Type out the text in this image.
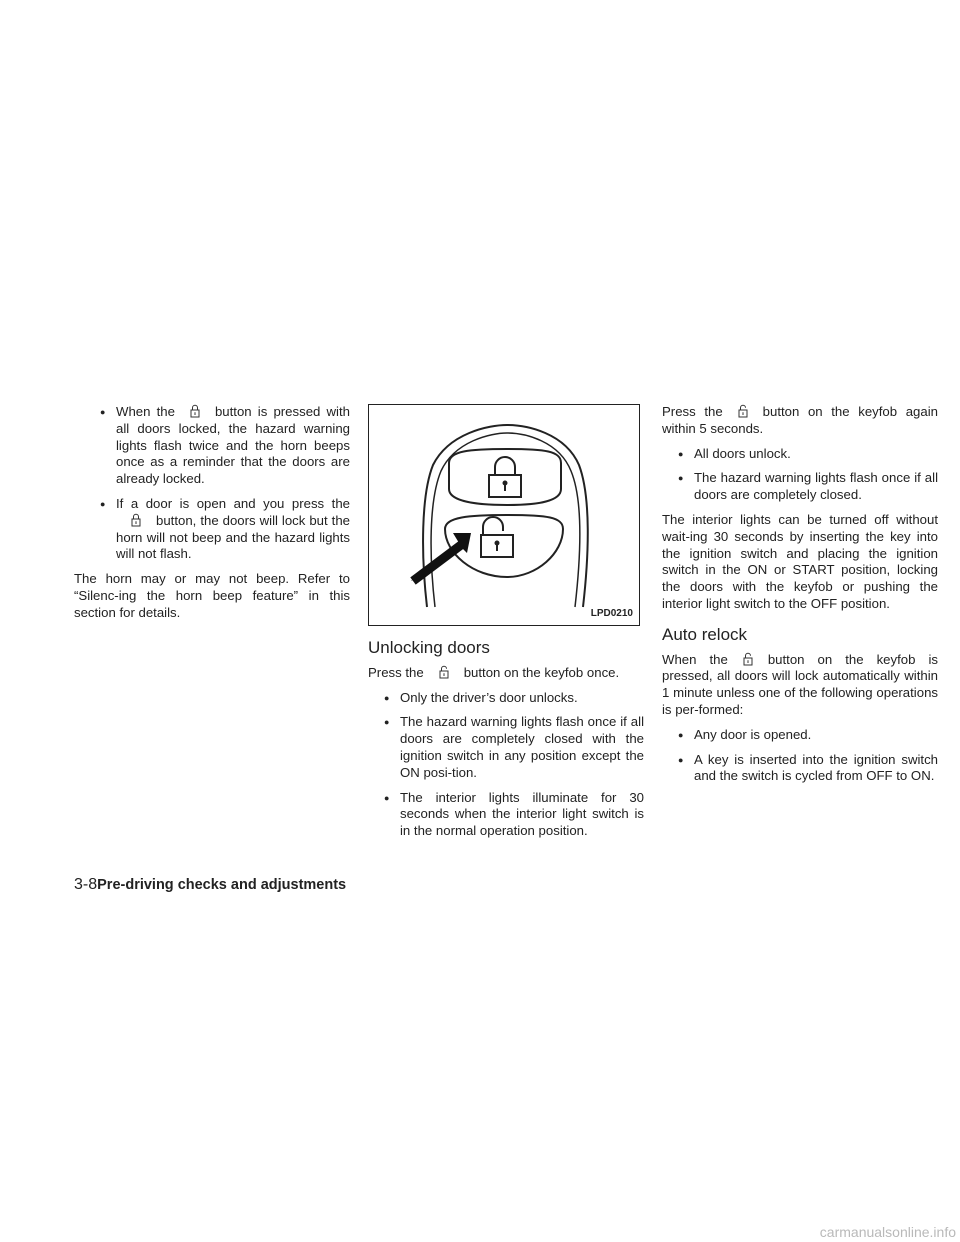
● When the	button is pressed with all doors locked, the hazard warning lights flash twice and the horn beeps once as a reminder that the doors are already locked.
● If a door is open and you press thebutton, the doors will lock but the horn will not beep and the hazard lights will not flash.

The horn may or may not beep. Refer to “Silenc-ing the horn beep feature” in this section for details.	LPD0210
Unlocking doors

Press the	button on the keyfob once.

● Only the driver’s door unlocks.
● The hazard warning lights flash once if all doors are completely closed with the ignition switch in any position except the ON posi-tion.
● The interior lights illuminate for 30 seconds when the interior light switch is in the normal operation position.

Press the	button on the keyfob again within 5 seconds.

● All doors unlock.
● The hazard warning lights flash once if all doors are completely closed.

The interior lights can be turned off without wait-ing 30 seconds by inserting the key into the ignition switch and placing the ignition switch in the ON or START position, locking the doors with the keyfob or pushing the interior light switch to the OFF position.

Auto relock

When the	button on the keyfob is pressed, all doors will lock automatically within 1 minute unless one of the following operations is per-formed:

● Any door is opened.
● A key is inserted into the ignition switch and the switch is cycled from OFF to ON.
3-8Pre-driving checks and adjustments
carmanualsonline.info
